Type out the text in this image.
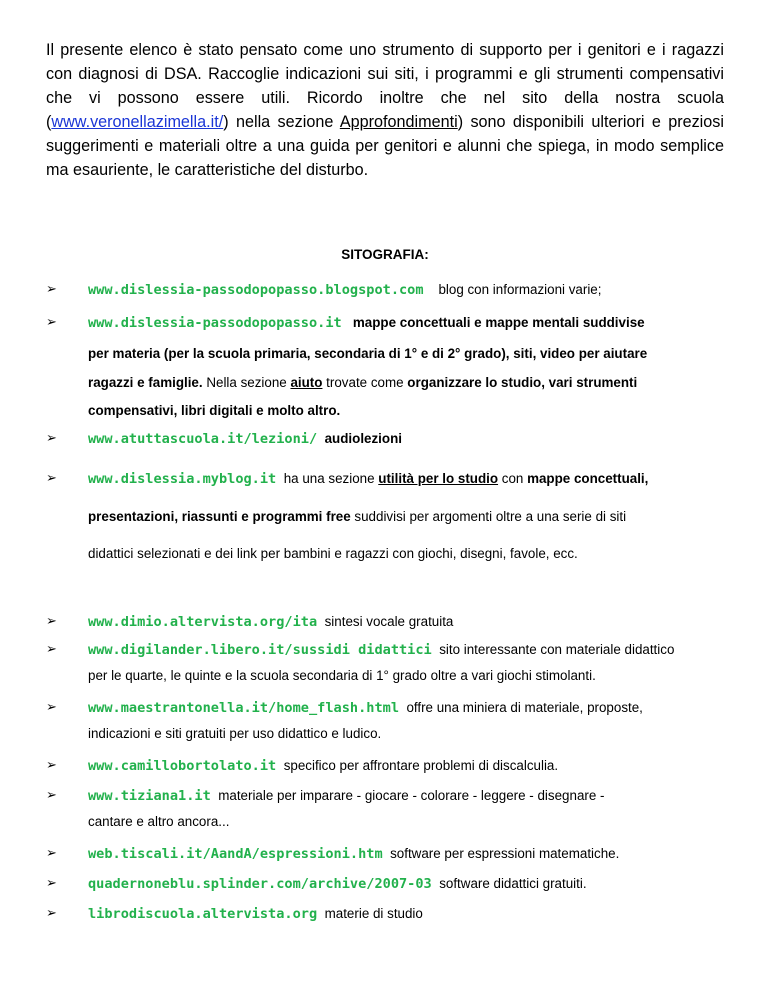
Il presente elenco è stato pensato come uno strumento di supporto per i genitori e i ragazzi con diagnosi di DSA. Raccoglie indicazioni sui siti, i programmi e gli strumenti compensativi che vi possono essere utili. Ricordo inoltre che nel sito della nostra scuola (www.veronellazimella.it/) nella sezione Approfondimenti) sono disponibili ulteriori e preziosi suggerimenti e materiali oltre a una guida per genitori e alunni che spiega, in modo semplice ma esauriente, le caratteristiche del disturbo.

SITOGRAFIA:

➢ www.dislessia-passodopopasso.blogspot.com blog con informazioni varie;
➢ www.dislessia-passodopopasso.it mappe concettuali e mappe mentali suddivise
per materia (per la scuola primaria, secondaria di 1° e di 2° grado), siti, video per aiutare
ragazzi e famiglie. Nella sezione aiuto trovate come organizzare lo studio, vari strumenti
compensativi, libri digitali e molto altro.
➢ www.atuttascuola.it/lezioni/ audiolezioni
➢ www.dislessia.myblog.it ha una sezione utilità per lo studio con mappe concettuali,
presentazioni, riassunti e programmi free suddivisi per argomenti oltre a una serie di siti
didattici selezionati e dei link per bambini e ragazzi con giochi, disegni, favole, ecc.
➢ www.dimio.altervista.org/ita sintesi vocale gratuita
➢ www.digilander.libero.it/sussidi didattici sito interessante con materiale didattico
per le quarte, le quinte e la scuola secondaria di 1° grado oltre a vari giochi stimolanti.
➢ www.maestrantonella.it/home_flash.html offre una miniera di materiale, proposte,
indicazioni e siti gratuiti per uso didattico e ludico.
➢ www.camillobortolato.it specifico per affrontare problemi di discalculia.
➢ www.tiziana1.it materiale per imparare - giocare - colorare - leggere - disegnare -
cantare e altro ancora...
➢ web.tiscali.it/AandA/espressioni.htm software per espressioni matematiche.
➢ quadernoneblu.splinder.com/archive/2007-03 software didattici gratuiti.
➢ librodiscuola.altervista.org materie di studio
